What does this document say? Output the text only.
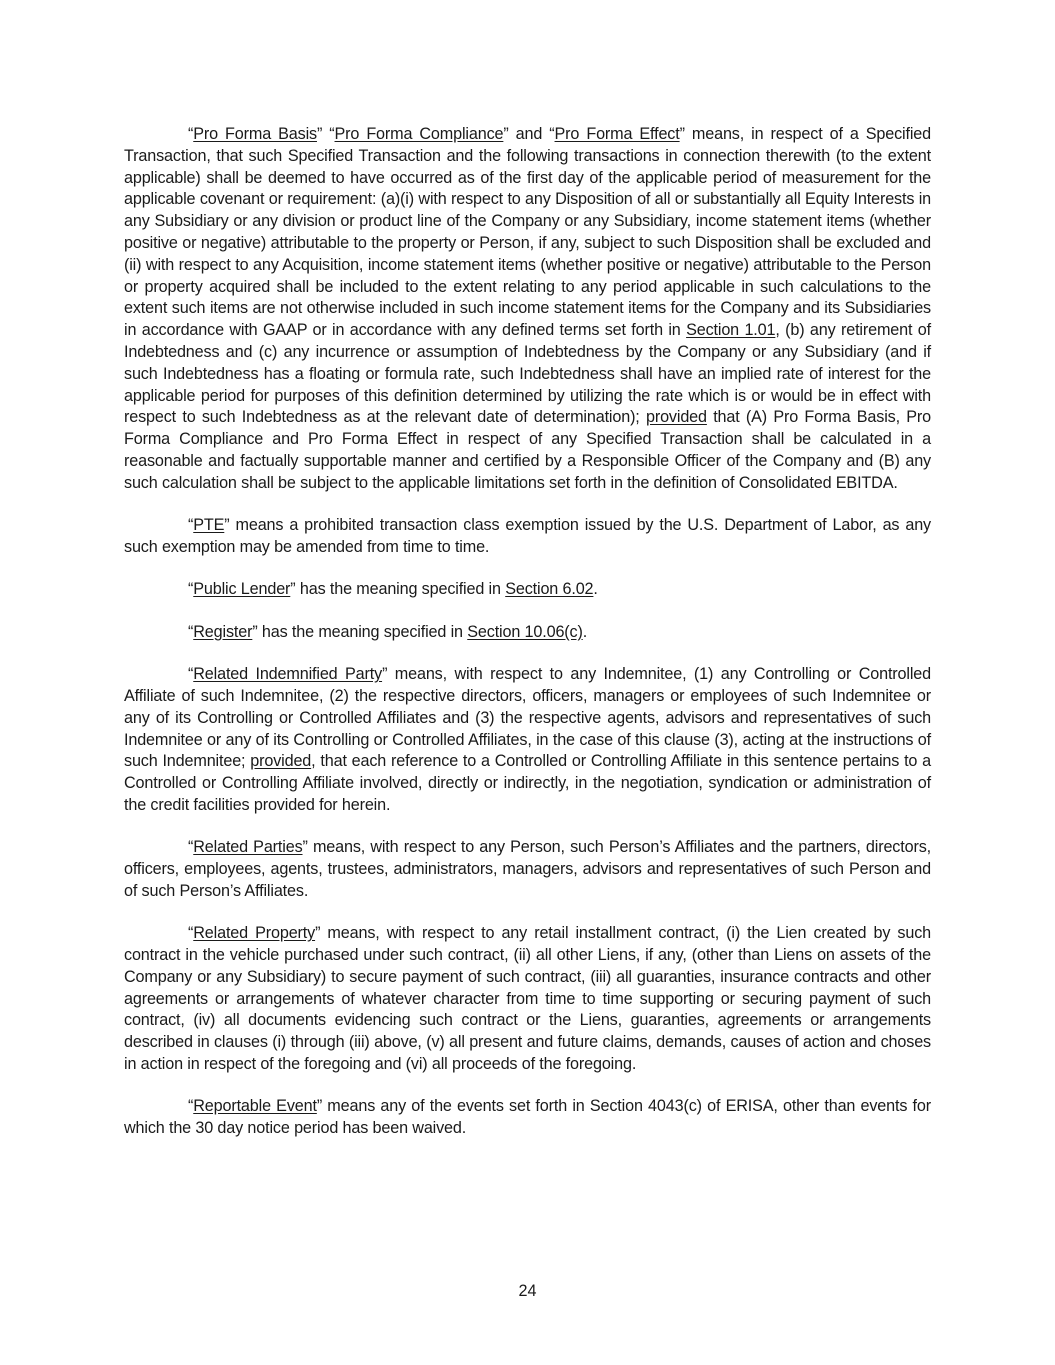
“Pro Forma Basis” “Pro Forma Compliance” and “Pro Forma Effect” means, in respect of a Specified Transaction, that such Specified Transaction and the following transactions in connection therewith (to the extent applicable) shall be deemed to have occurred as of the first day of the applicable period of measurement for the applicable covenant or requirement: (a)(i) with respect to any Disposition of all or substantially all Equity Interests in any Subsidiary or any division or product line of the Company or any Subsidiary, income statement items (whether positive or negative) attributable to the property or Person, if any, subject to such Disposition shall be excluded and (ii) with respect to any Acquisition, income statement items (whether positive or negative) attributable to the Person or property acquired shall be included to the extent relating to any period applicable in such calculations to the extent such items are not otherwise included in such income statement items for the Company and its Subsidiaries in accordance with GAAP or in accordance with any defined terms set forth in Section 1.01, (b) any retirement of Indebtedness and (c) any incurrence or assumption of Indebtedness by the Company or any Subsidiary (and if such Indebtedness has a floating or formula rate, such Indebtedness shall have an implied rate of interest for the applicable period for purposes of this definition determined by utilizing the rate which is or would be in effect with respect to such Indebtedness as at the relevant date of determination); provided that (A) Pro Forma Basis, Pro Forma Compliance and Pro Forma Effect in respect of any Specified Transaction shall be calculated in a reasonable and factually supportable manner and certified by a Responsible Officer of the Company and (B) any such calculation shall be subject to the applicable limitations set forth in the definition of Consolidated EBITDA.

“PTE” means a prohibited transaction class exemption issued by the U.S. Department of Labor, as any such exemption may be amended from time to time.

“Public Lender” has the meaning specified in Section 6.02.

“Register” has the meaning specified in Section 10.06(c).

“Related Indemnified Party” means, with respect to any Indemnitee, (1) any Controlling or Controlled Affiliate of such Indemnitee, (2) the respective directors, officers, managers or employees of such Indemnitee or any of its Controlling or Controlled Affiliates and (3) the respective agents, advisors and representatives of such Indemnitee or any of its Controlling or Controlled Affiliates, in the case of this clause (3), acting at the instructions of such Indemnitee; provided, that each reference to a Controlled or Controlling Affiliate in this sentence pertains to a Controlled or Controlling Affiliate involved, directly or indirectly, in the negotiation, syndication or administration of the credit facilities provided for herein.

“Related Parties” means, with respect to any Person, such Person’s Affiliates and the partners, directors, officers, employees, agents, trustees, administrators, managers, advisors and representatives of such Person and of such Person’s Affiliates.

“Related Property” means, with respect to any retail installment contract, (i) the Lien created by such contract in the vehicle purchased under such contract, (ii) all other Liens, if any, (other than Liens on assets of the Company or any Subsidiary) to secure payment of such contract, (iii) all guaranties, insurance contracts and other agreements or arrangements of whatever character from time to time supporting or securing payment of such contract, (iv) all documents evidencing such contract or the Liens, guaranties, agreements or arrangements described in clauses (i) through (iii) above, (v) all present and future claims, demands, causes of action and choses in action in respect of the foregoing and (vi) all proceeds of the foregoing.

“Reportable Event” means any of the events set forth in Section 4043(c) of ERISA, other than events for which the 30 day notice period has been waived.

24
